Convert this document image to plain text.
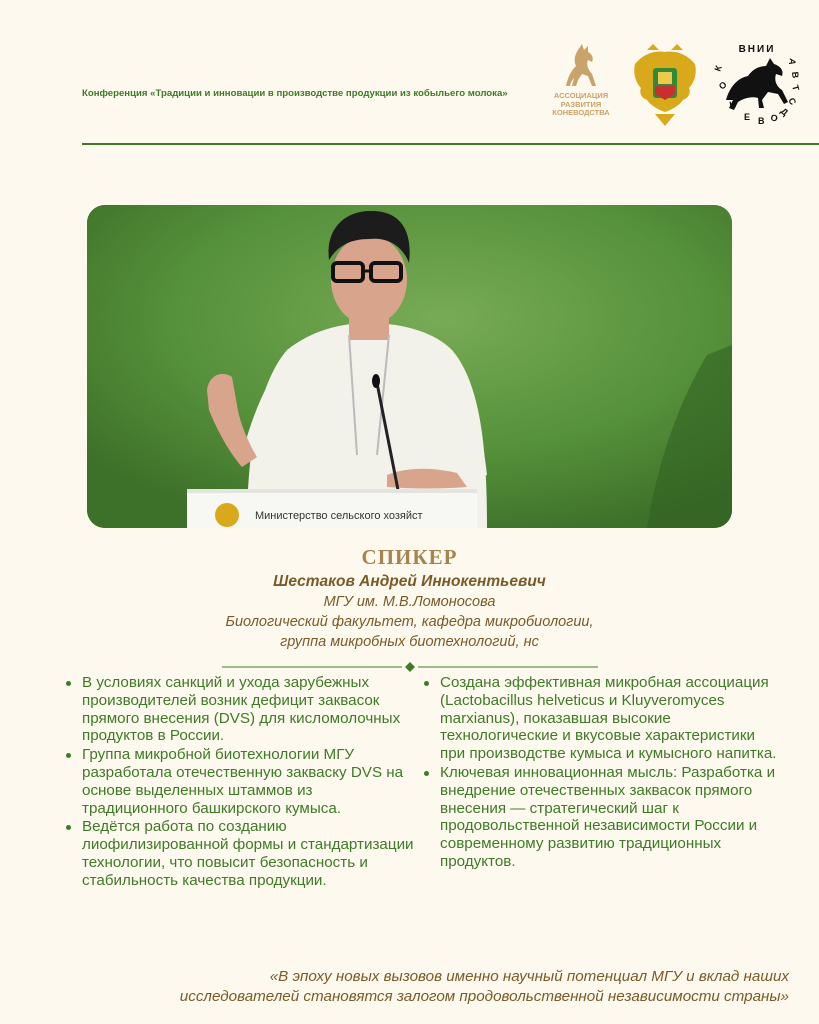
Конференция «Традиции и инновации в производстве продукции из кобыльего молока»	АССОЦИАЦИЯ РАЗВИТИЯ КОНЕВОДСТВА
К
О
Н
Е В О
Д
С
Т
В
А
ВНИИ
Министерство сельского хозяйст
СПИКЕР
Шестаков Андрей Иннокентьевич
МГУ им. М.В.Ломоносова
Биологический факультет, кафедра микробиологии,
группа микробных биотехнологий, нс
В условиях санкций и ухода зарубежных производителей возник дефицит заквасок прямого внесения (DVS) для кисломолочных продуктов в России.
Группа микробной биотехнологии МГУ разработала отечественную закваску DVS на основе выделенных штаммов из традиционного башкирского кумыса.
Ведётся работа по созданию лиофилизированной формы и стандартизации технологии, что повысит безопасность и стабильность качества продукции.
Создана эффективная микробная ассоциация (Lactobacillus helveticus и Kluyveromyces marxianus), показавшая высокие технологические и вкусовые характеристики при производстве кумыса и кумысного напитка.
Ключевая инновационная мысль: Разработка и внедрение отечественных заквасок прямого внесения — стратегический шаг к продовольственной независимости России и современному развитию традиционных продуктов.
«В эпоху новых вызовов именно научный потенциал МГУ и вклад наших
исследователей становятся залогом продовольственной независимости страны»
